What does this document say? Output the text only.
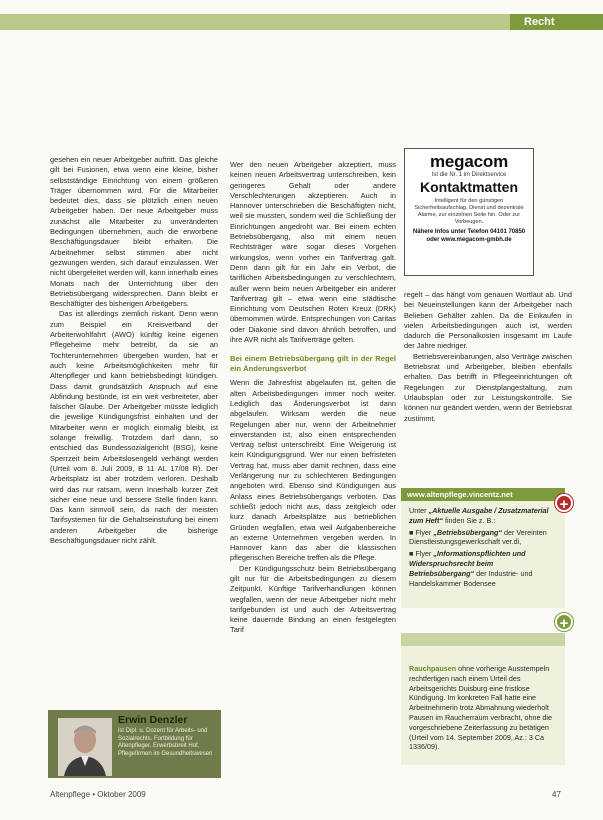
Recht

gesehen ein neuer Arbeitgeber auftritt. Das gleiche gilt bei Fusionen, etwa wenn eine kleine, bisher selbstständige Einrichtung von einem größeren Träger übernommen wird. Für die Mitarbeiter bedeutet dies, dass sie plötzlich einen neuen Arbeitgeber haben. Der neue Arbeitgeber muss zunächst alle Mitarbeiter zu unveränderten Bedingungen übernehmen, auch die erworbene Beschäftigungsdauer bleibt erhalten. Die Arbeitnehmer selbst stimmen aber nicht gezwungen werden, sich darauf einzulassen. Wer nicht übergeleitet werden will, kann innerhalb eines Monats nach der Unterrichtung über den Betriebsübergang widersprechen. Dann bleibt er Beschäftigter des bisherigen Arbeitgebers.

Das ist allerdings ziemlich riskant. Denn wenn zum Beispiel ein Kreisverband der Arbeiterwohlfahrt (AWO) künftig keine eigenen Pflegeheime mehr betreibt, da sie an Tochterunternehmen übergeben wurden, hat er auch keine Arbeitsmöglichkeiten mehr für Altenpfleger und kann betriebsbedingt kündigen. Dass damit grundsätzlich Anspruch auf eine Abfindung bestünde, ist ein weit verbreiteter, aber falscher Glaube. Der Arbeitgeber müsste lediglich die jeweilige Kündigungsfrist einhalten und der Mitarbeiter wenn er möglich einmalig bleibt, ist solange freiwillig. Trotzdem darf dann, so entschied das Bundessozialgericht (BSG), keine Sperrzeit beim Arbeitslosengeld verhängt werden (Urteil vom 8. Juli 2009, B 11 AL 17/08 R). Der Arbeitsplatz ist aber trotzdem verloren. Deshalb wird das nur ratsam, wenn Innerhalb kurzer Zeit sicher eine neue und bessere Stelle finden kann. Das kann sinnvoll sein, da nach der meisten Tarifsystemen für die Gehaltseinstufung bei einem anderen Arbeitgeber die bisherige Beschäftigungsdauer nicht zählt.

Wer den neuen Arbeitgeber akzeptiert, muss keinen neuen Arbeitsvertrag unterschreiben, kein geringeres Gehalt oder andere Verschlechterungen akzeptieren. Auch in Hannover unterschrieben die Beschäftigten nicht, weil sie mussten, sondern weil die Schließung der Einrichtungen angedroht war. Bei einem echten Betriebsübergang, also mit einem neuen Rechtsträger wäre sogar dieses Vorgehen wirkungslos, wenn vorher ein Tarifvertrag galt. Denn dann gilt für ein Jahr ein Verbot, die tariflichen Arbeitsbedingungen zu verschlechtern, außer wenn beim neuen Arbeitgeber ein anderer Tarifvertrag gilt – etwa wenn eine städtische Einrichtung vom Deutschen Roten Kreuz (DRK) übernommen würde. Entsprechungen von Caritas oder Diakonie sind davon ähnlich betroffen, und ihre AVR nicht als Tarifverträge gelten.

Bei einem Betriebsübergang gilt in der Regel ein Änderungsverbot

Wenn die Jahresfrist abgelaufen ist, gelten die alten Arbeitsbedingungen immer noch weiter. Lediglich das Änderungsverbot ist dann abgelaufen. Wirksam werden die neue Regelungen aber nur, wenn der Arbeitnehmer einverstanden ist, also einen entsprechenden Vertrag selbst unterschreibt. Eine Weigerung ist kein Kündigungsgrund. Wer nur einen befristeten Vertrag hat, muss aber damit rechnen, dass eine Verlängerung nur zu schlechteren Bedingungen angeboten wird. Ebenso sind Kündigungen aus Anlass eines Betriebsübergangs verboten. Das schließt jedoch nicht aus, dass zeitgleich oder kurz danach Arbeitsplätze aus betrieblichen Gründen wegfallen, etwa weil Aufgabenbereiche an externe Unternehmen vergeben werden. In Hannover kann das aber die klassischen pflegerischen Bereiche treffen als die Pflege.

Der Kündigungsschutz beim Betriebsübergang gilt nur für die Arbeitsbedingungen zu diesem Zeitpunkt. Künftige Tarifverhandlungen können wegfallen, wenn der neue Arbeitgeber nicht mehr tarifgebunden ist und auch der Arbeitsvertrag keine dauernde Bindung an einen festgelegten Tarif

megacom
Ist die Nr. 1 im Direktservice
Kontaktmatten
Intelligent für den günstigen Sicherheitsaufschlag. Dienst und dezentrale Alarme, zur einzelnen Seite hin. Oder zur Vorbeugen.
Nähere Infos unter Telefon 04101 70850 oder www.megacom-gmbh.de

regelt – das hängt vom genauen Wortlaut ab. Und bei Neueinstellungen kann der Arbeitgeber nach Belieben Gehälter zahlen. Da die Einkaufen in vielen Arbeitsbedingungen auch ist, werden dadurch die Personalkosten insgesamt im Laufe der Jahre niedriger.

Betriebsvereinbarungen, also Verträge zwischen Betriebsrat und Arbeitgeber, bleiben ebenfalls erhalten. Das betrifft in Pflegeeinrichtungen oft Regelungen zur Dienstplangestaltung, zum Urlaubsplan oder zur Leistungskontrolle. Sie können nur geändert werden, wenn der Betriebsrat zustimmt.

www.altenpflege.vincentz.net

Unter „Aktuelle Ausgabe / Zusatzmaterial zum Heft“ finden Sie z. B.:

■ Flyer „Betriebsübergang“ der Vereinten Dienstleistungsgewerkschaft ver.di,

■ Flyer „Informationspflichten und Widerspruchsrecht beim Betriebsübergang“ der Industrie- und Handelskammer Bodensee

+

Rauchpausen ohne vorherige Ausstempeln rechtfertigen nach einem Urteil des Arbeitsgerichts Duisburg eine fristlose Kündigung. Im konkreten Fall hatte eine Arbeitnehmerin trotz Abmahnung wiederholt Pausen im Raucherraum verbracht, ohne die vorgeschriebene Zeiterfassung zu betätigen (Urteil vom 14. September 2009, Az.: 3 Ca 1336/09).

+
Erwin Denzler
ist Dipl. u. Dozent für Arbeits- und Sozialrechts. Fortbildung für Altenpfleger. Erwerbsbreit Hof, Pflegefirmen im Gesundheitswesen
Altenpflege • Oktober 2009	47
